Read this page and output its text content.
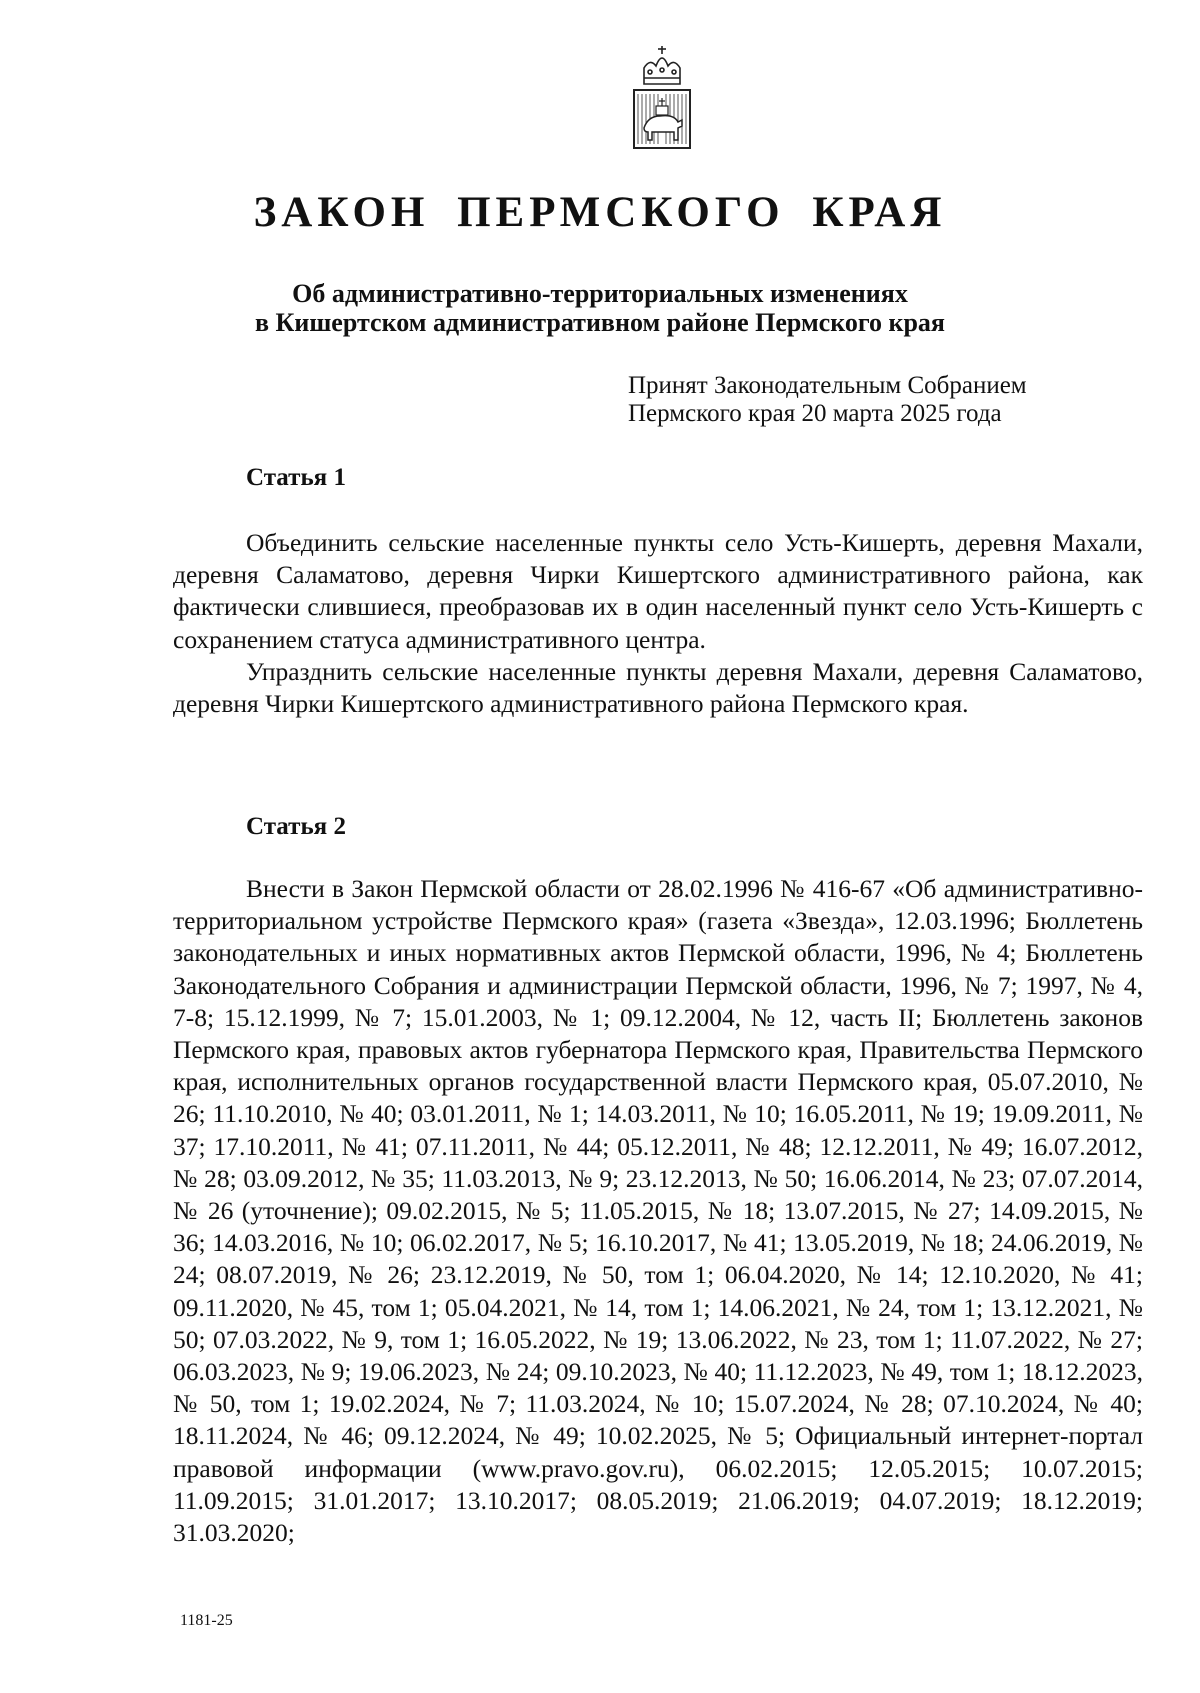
ЗАКОН ПЕРМСКОГО КРАЯ
Об административно-территориальных изменениях
в Кишертском административном районе Пермского края
Принят Законодательным Собранием
Пермского края 20 марта 2025 года
Статья 1

Объединить сельские населенные пункты село Усть-Кишерть, деревня Махали, деревня Саламатово, деревня Чирки Кишертского административного района, как фактически слившиеся, преобразовав их в один населенный пункт село Усть-Кишерть с сохранением статуса административного центра.

Упразднить сельские населенные пункты деревня Махали, деревня Саламатово, деревня Чирки Кишертского административного района Пермского края.

Статья 2

Внести в Закон Пермской области от 28.02.1996 № 416-67 «Об административно-территориальном устройстве Пермского края» (газета «Звезда», 12.03.1996; Бюллетень законодательных и иных нормативных актов Пермской области, 1996, № 4; Бюллетень Законодательного Собрания и администрации Пермской области, 1996, № 7; 1997, № 4, 7-8; 15.12.1999, № 7; 15.01.2003, № 1; 09.12.2004, № 12, часть II; Бюллетень законов Пермского края, правовых актов губернатора Пермского края, Правительства Пермского края, исполнительных органов государственной власти Пермского края, 05.07.2010, № 26; 11.10.2010, № 40; 03.01.2011, № 1; 14.03.2011, № 10; 16.05.2011, № 19; 19.09.2011, № 37; 17.10.2011, № 41; 07.11.2011, № 44; 05.12.2011, № 48; 12.12.2011, № 49; 16.07.2012, № 28; 03.09.2012, № 35; 11.03.2013, № 9; 23.12.2013, № 50; 16.06.2014, № 23; 07.07.2014, № 26 (уточнение); 09.02.2015, № 5; 11.05.2015, № 18; 13.07.2015, № 27; 14.09.2015, № 36; 14.03.2016, № 10; 06.02.2017, № 5; 16.10.2017, № 41; 13.05.2019, № 18; 24.06.2019, № 24; 08.07.2019, № 26; 23.12.2019, № 50, том 1; 06.04.2020, № 14; 12.10.2020, № 41; 09.11.2020, № 45, том 1; 05.04.2021, № 14, том 1; 14.06.2021, № 24, том 1; 13.12.2021, № 50; 07.03.2022, № 9, том 1; 16.05.2022, № 19; 13.06.2022, № 23, том 1; 11.07.2022, № 27; 06.03.2023, № 9; 19.06.2023, № 24; 09.10.2023, № 40; 11.12.2023, № 49, том 1; 18.12.2023, № 50, том 1; 19.02.2024, № 7; 11.03.2024, № 10; 15.07.2024, № 28; 07.10.2024, № 40; 18.11.2024, № 46; 09.12.2024, № 49; 10.02.2025, № 5; Официальный интернет-портал правовой информации (www.pravo.gov.ru), 06.02.2015; 12.05.2015; 10.07.2015; 11.09.2015; 31.01.2017; 13.10.2017; 08.05.2019; 21.06.2019; 04.07.2019; 18.12.2019; 31.03.2020;

1181-25
